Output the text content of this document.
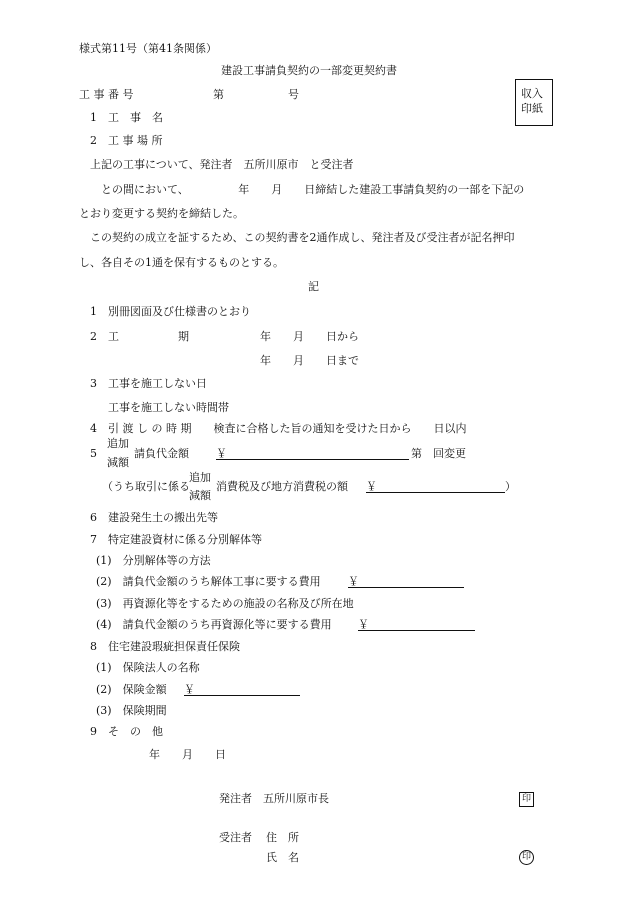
様式第11号（第41条関係）
建設工事請負契約の一部変更契約書
収入
印紙
工 事 番 号	第	号
1　工　事　名
2　工 事 場 所
上記の工事について、発注者　五所川原市　と受注者
との間において、　　　　　年　　月　　日締結した建設工事請負契約の一部を下記の
とおり変更する契約を締結した。
この契約の成立を証するため、この契約書を2通作成し、発注者及び受注者が記名押印
し、各自その1通を保有するものとする。
記
1　別冊図面及び仕様書のとおり
2　工	期	年　　月　　日から
年　　月　　日まで
3　工事を施工しない日
工事を施工しない時間帯
4　引 渡 し の 時 期　　検査に合格した旨の通知を受けた日から　　日以内
5
追加
減額
請負代金額 ￥	第　回変更
（うち取引に係る
追加
減額
消費税及び地方消費税の額 ￥	）
6　建設発生土の搬出先等
7　特定建設資材に係る分別解体等
(1)　分別解体等の方法
(2)　請負代金額のうち解体工事に要する費用 ￥
(3)　再資源化等をするための施設の名称及び所在地
(4)　請負代金額のうち再資源化等に要する費用 ￥
8　住宅建設瑕疵担保責任保険
(1)　保険法人の名称
(2)　保険金額 ￥
(3)　保険期間
9　そ　の　他
年　　月　　日
発注者　五所川原市長	印
受注者 住　所
氏　名	印
